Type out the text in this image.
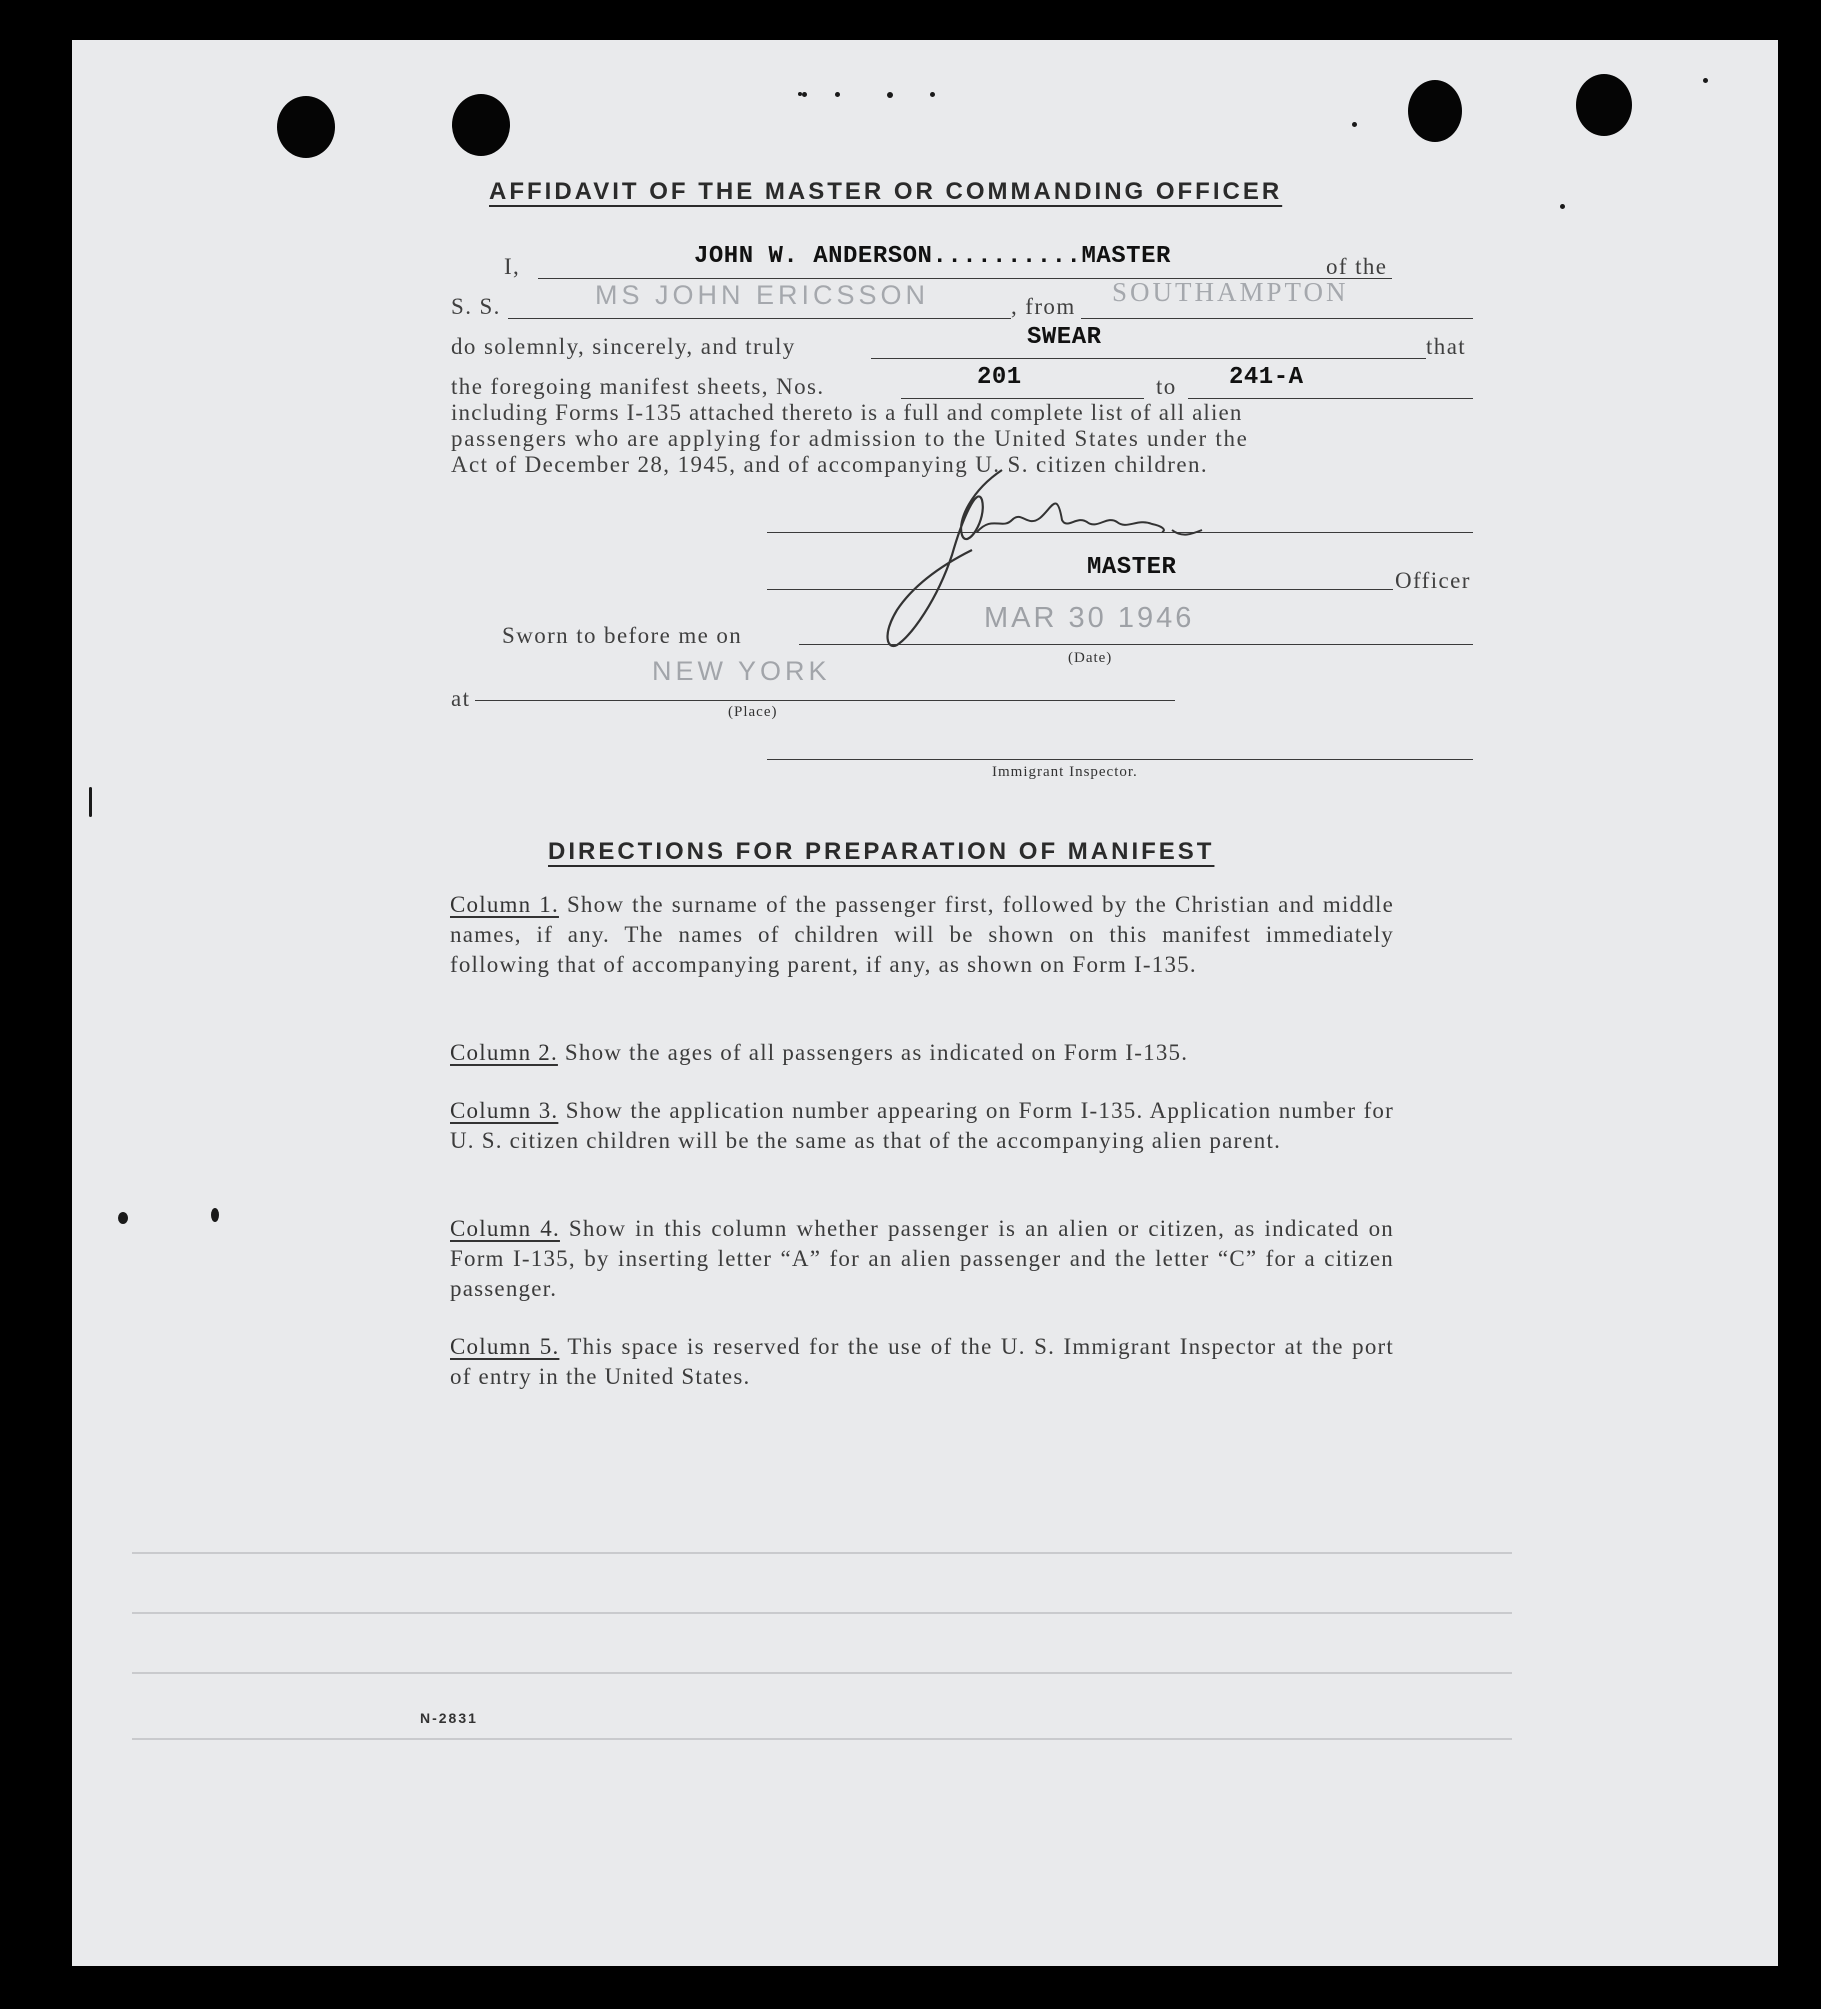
AFFIDAVIT OF THE MASTER OR COMMANDING OFFICER
I,	JOHN W. ANDERSON..........MASTER	of the
S. S.	MS JOHN ERICSSON	, from SOUTHAMPTON
do solemnly, sincerely, and truly	SWEAR	that
the foregoing manifest sheets, Nos.	201	to 241-A
including Forms I-135 attached thereto is a full and complete list of all alien
passengers who are applying for admission to the United States under the
Act of December 28, 1945, and of accompanying U. S. citizen children.
MASTER	Officer
Sworn to before me on
MAR 30 1946
(Date)
at
NEW YORK
(Place)
Immigrant Inspector.
DIRECTIONS FOR PREPARATION OF MANIFEST
Column 1. Show the surname of the passenger first, followed by the Christian and middle names, if any. The names of children will be shown on this manifest immediately following that of accompanying parent, if any, as shown on Form I-135.
Column 2. Show the ages of all passengers as indicated on Form I-135.
Column 3. Show the application number appearing on Form I-135. Application number for U. S. citizen children will be the same as that of the accompanying alien parent.
Column 4. Show in this column whether passenger is an alien or citizen, as indicated on Form I-135, by inserting letter “A” for an alien passenger and the letter “C” for a citizen passenger.
Column 5. This space is reserved for the use of the U. S. Immigrant Inspector at the port of entry in the United States.
N-2831
